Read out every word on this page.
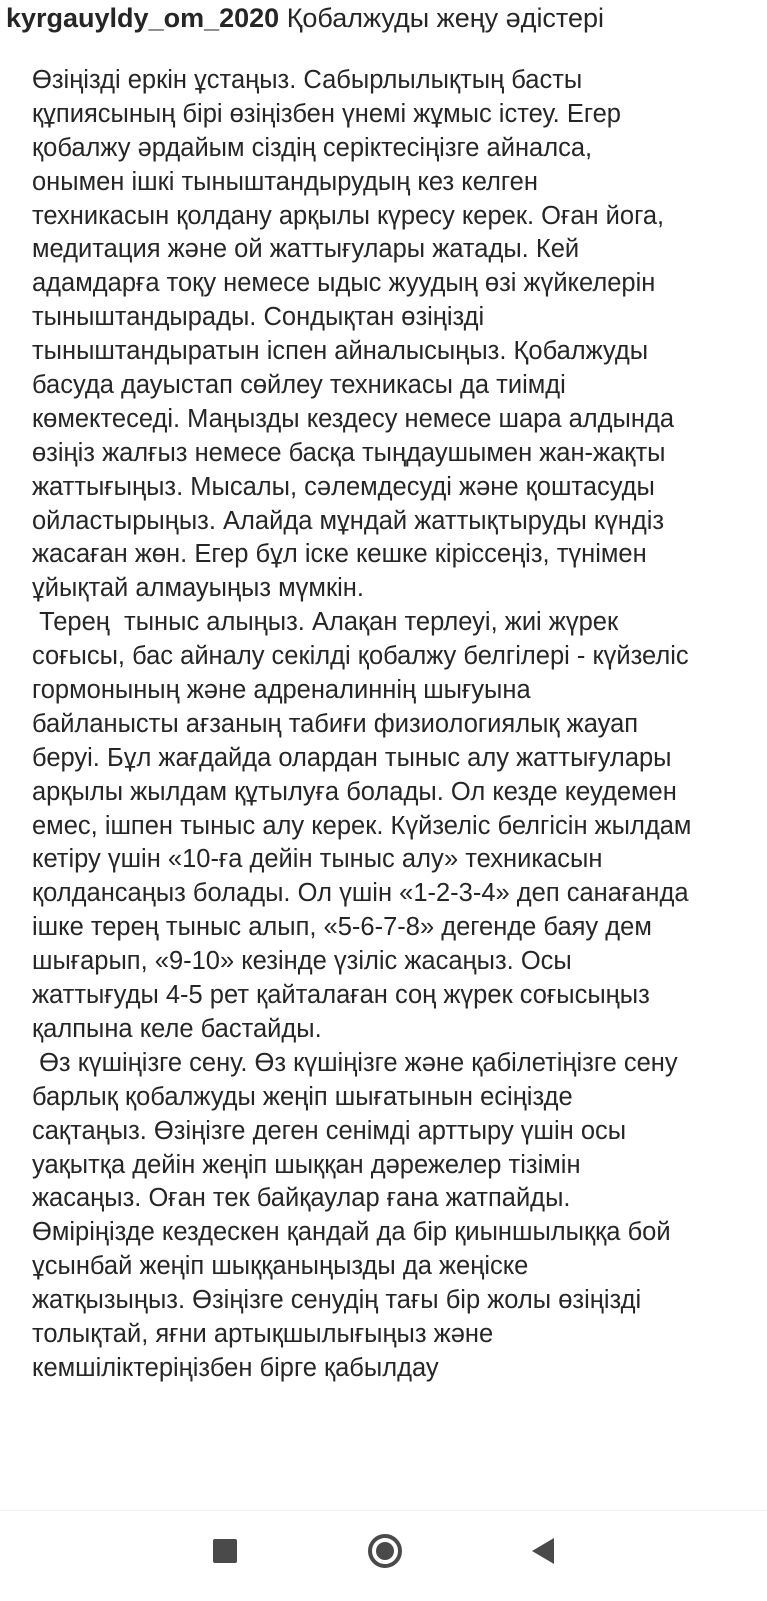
kyrgauyldy_om_2020 Қобалжуды жеңу әдістері
Өзіңізді еркін ұстаңыз. Сабырлылықтың басты
құпиясының бірі өзіңізбен үнемі жұмыс істеу. Егер
қобалжу әрдайым сіздің серіктесіңізге айналса,
онымен ішкі тыныштандырудың кез келген
техникасын қолдану арқылы күресу керек. Оған йога,
медитация және ой жаттығулары жатады. Кей
адамдарға тоқу немесе ыдыс жуудың өзі жүйкелерін
тыныштандырады. Сондықтан өзіңізді
тыныштандыратын іспен айналысыңыз. Қобалжуды
басуда дауыстап сөйлеу техникасы да тиімді
көмектеседі. Маңызды кездесу немесе шара алдында
өзіңіз жалғыз немесе басқа тыңдаушымен жан-жақты
жаттығыңыз. Мысалы, сәлемдесуді және қоштасуды
ойластырыңыз. Алайда мұндай жаттықтыруды күндіз
жасаған жөн. Егер бұл іске кешке кіріссеңіз, түнімен
ұйықтай алмауыңыз мүмкін.
Терең  тыныс алыңыз. Алақан терлеуі, жиі жүрек
соғысы, бас айналу секілді қобалжу белгілері - күйзеліс
гормонының және адреналиннің шығуына
байланысты ағзаның табиғи физиологиялық жауап
беруі. Бұл жағдайда олардан тыныс алу жаттығулары
арқылы жылдам құтылуға болады. Ол кезде кеудемен
емес, ішпен тыныс алу керек. Күйзеліс белгісін жылдам
кетіру үшін «10-ға дейін тыныс алу» техникасын
қолдансаңыз болады. Ол үшін «1-2-3-4» деп санағанда
ішке терең тыныс алып, «5-6-7-8» дегенде баяу дем
шығарып, «9-10» кезінде үзіліс жасаңыз. Осы
жаттығуды 4-5 рет қайталаған соң жүрек соғысыңыз
қалпына келе бастайды.
Өз күшіңізге сену. Өз күшіңізге және қабілетіңізге сену
барлық қобалжуды жеңіп шығатынын есіңізде
сақтаңыз. Өзіңізге деген сенімді арттыру үшін осы
уақытқа дейін жеңіп шыққан дәрежелер тізімін
жасаңыз. Оған тек байқаулар ғана жатпайды.
Өміріңізде кездескен қандай да бір қиыншылыққа бой
ұсынбай жеңіп шыққаныңызды да жеңіске
жатқызыңыз. Өзіңізге сенудің тағы бір жолы өзіңізді
толықтай, яғни артықшылығыңыз және
кемшіліктеріңізбен бірге қабылдау
